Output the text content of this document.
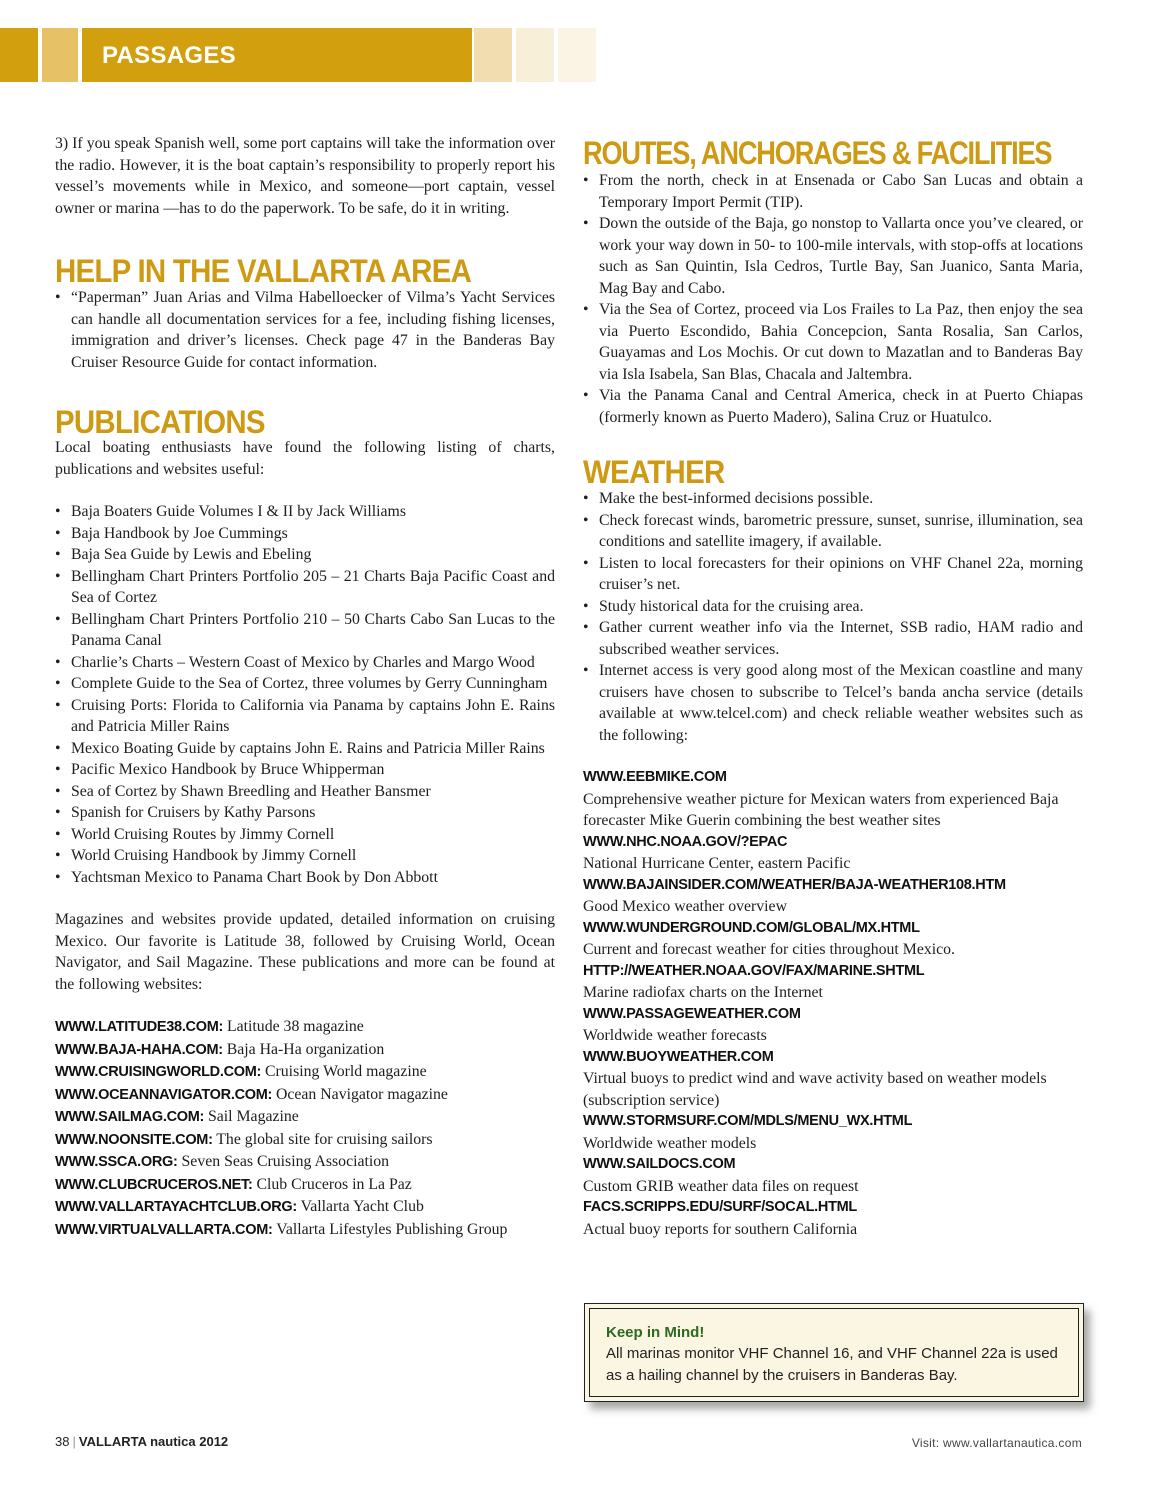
PASSAGES

3) If you speak Spanish well, some port captains will take the information over the radio. However, it is the boat captain’s responsibility to properly report his vessel’s movements while in Mexico, and someone—port captain, vessel owner or marina —has to do the paperwork. To be safe, do it in writing.

HELP IN THE VALLARTA AREA
• “Paperman” Juan Arias and Vilma Habelloecker of Vilma’s Yacht Services can handle all documentation services for a fee, including fishing licenses, immigration and driver’s licenses. Check page 47 in the Banderas Bay Cruiser Resource Guide for contact information.
PUBLICATIONS

Local boating enthusiasts have found the following listing of charts, publications and websites useful:

• Baja Boaters Guide Volumes I & II by Jack Williams
• Baja Handbook by Joe Cummings
• Baja Sea Guide by Lewis and Ebeling
• Bellingham Chart Printers Portfolio 205 – 21 Charts Baja Pacific Coast and Sea of Cortez
• Bellingham Chart Printers Portfolio 210 – 50 Charts Cabo San Lucas to the Panama Canal
• Charlie’s Charts – Western Coast of Mexico by Charles and Margo Wood
• Complete Guide to the Sea of Cortez, three volumes by Gerry Cunningham
• Cruising Ports: Florida to California via Panama by captains John E. Rains and Patricia Miller Rains
• Mexico Boating Guide by captains John E. Rains and Patricia Miller Rains
• Pacific Mexico Handbook by Bruce Whipperman
• Sea of Cortez by Shawn Breedling and Heather Bansmer
• Spanish for Cruisers by Kathy Parsons
• World Cruising Routes by Jimmy Cornell
• World Cruising Handbook by Jimmy Cornell
• Yachtsman Mexico to Panama Chart Book by Don Abbott

Magazines and websites provide updated, detailed information on cruising Mexico. Our favorite is Latitude 38, followed by Cruising World, Ocean Navigator, and Sail Magazine. These publications and more can be found at the following websites:

WWW.LATITUDE38.COM: Latitude 38 magazine
WWW.BAJA-HAHA.COM: Baja Ha-Ha organization
WWW.CRUISINGWORLD.COM: Cruising World magazine
WWW.OCEANNAVIGATOR.COM: Ocean Navigator magazine
WWW.SAILMAG.COM: Sail Magazine
WWW.NOONSITE.COM: The global site for cruising sailors
WWW.SSCA.ORG: Seven Seas Cruising Association
WWW.CLUBCRUCEROS.NET: Club Cruceros in La Paz
WWW.VALLARTAYACHTCLUB.ORG: Vallarta Yacht Club
WWW.VIRTUALVALLARTA.COM: Vallarta Lifestyles Publishing Group
ROUTES, ANCHORAGES & FACILITIES
• From the north, check in at Ensenada or Cabo San Lucas and obtain a Temporary Import Permit (TIP).
• Down the outside of the Baja, go nonstop to Vallarta once you’ve cleared, or work your way down in 50- to 100-mile intervals, with stop-offs at locations such as San Quintin, Isla Cedros, Turtle Bay, San Juanico, Santa Maria, Mag Bay and Cabo.
• Via the Sea of Cortez, proceed via Los Frailes to La Paz, then enjoy the sea via Puerto Escondido, Bahia Concepcion, Santa Rosalia, San Carlos, Guayamas and Los Mochis. Or cut down to Mazatlan and to Banderas Bay via Isla Isabela, San Blas, Chacala and Jaltembra.
• Via the Panama Canal and Central America, check in at Puerto Chiapas (formerly known as Puerto Madero), Salina Cruz or Huatulco.
WEATHER
• Make the best-informed decisions possible.
• Check forecast winds, barometric pressure, sunset, sunrise, illumination, sea conditions and satellite imagery, if available.
• Listen to local forecasters for their opinions on VHF Chanel 22a, morning cruiser’s net.
• Study historical data for the cruising area.
• Gather current weather info via the Internet, SSB radio, HAM radio and subscribed weather services.
• Internet access is very good along most of the Mexican coastline and many cruisers have chosen to subscribe to Telcel’s banda ancha service (details available at www.telcel.com) and check reliable weather websites such as the following:
WWW.EEBMIKE.COM
Comprehensive weather picture for Mexican waters from experienced Baja forecaster Mike Guerin combining the best weather sites
WWW.NHC.NOAA.GOV/?EPAC
National Hurricane Center, eastern Pacific
WWW.BAJAINSIDER.COM/WEATHER/BAJA-WEATHER108.HTM
Good Mexico weather overview
WWW.WUNDERGROUND.COM/GLOBAL/MX.HTML
Current and forecast weather for cities throughout Mexico.
HTTP://WEATHER.NOAA.GOV/FAX/MARINE.SHTML
Marine radiofax charts on the Internet
WWW.PASSAGEWEATHER.COM
Worldwide weather forecasts
WWW.BUOYWEATHER.COM
Virtual buoys to predict wind and wave activity based on weather models (subscription service)
WWW.STORMSURF.COM/MDLS/MENU_WX.HTML
Worldwide weather models
WWW.SAILDOCS.COM
Custom GRIB weather data files on request
FACS.SCRIPPS.EDU/SURF/SOCAL.HTML
Actual buoy reports for southern California
Keep in Mind!
All marinas monitor VHF Channel 16, and VHF Channel 22a is used as a hailing channel by the cruisers in Banderas Bay.
38 | VALLARTA nautica 2012	Visit: www.vallartanautica.com
